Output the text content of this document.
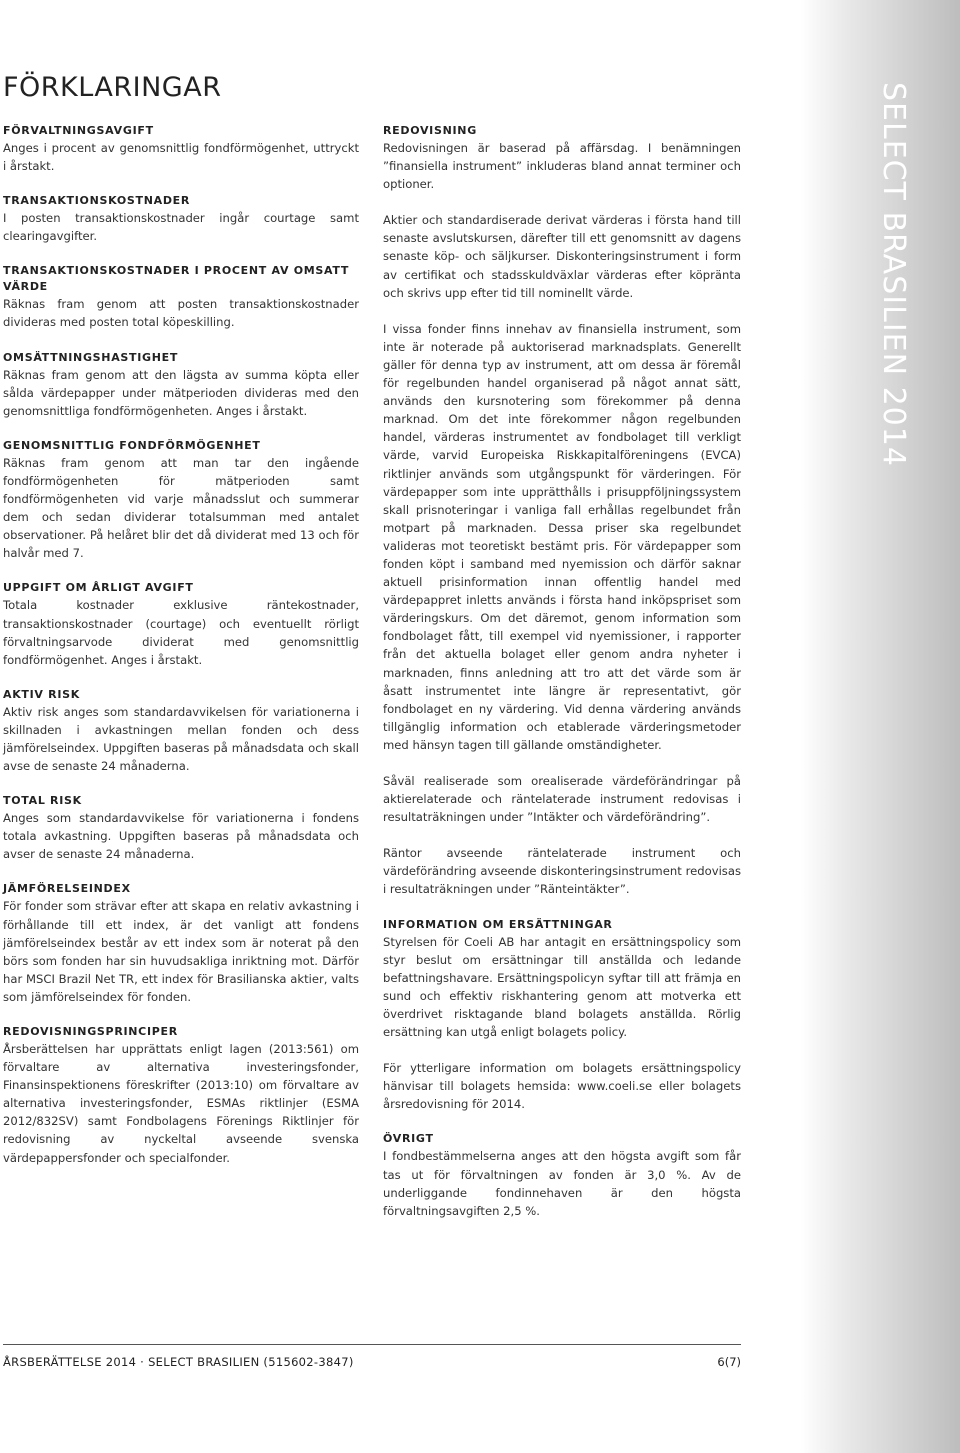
FÖRKLARINGAR
FÖRVALTNINGSAVGIFT

Anges i procent av genomsnittlig fondförmögenhet, uttryckt i årstakt.

TRANSAKTIONSKOSTNADER

I posten transaktionskostnader ingår courtage samt clearingavgifter.

TRANSAKTIONSKOSTNADER I PROCENT AV OMSATT VÄRDE

Räknas fram genom att posten transaktionskostnader divideras med posten total köpeskilling.

OMSÄTTNINGSHASTIGHET

Räknas fram genom att den lägsta av summa köpta eller sålda värdepapper under mätperioden divideras med den genomsnittliga fondförmögenheten. Anges i årstakt.

GENOMSNITTLIG FONDFÖRMÖGENHET

Räknas fram genom att man tar den ingående fondförmögenheten för mätperioden samt fondförmögenheten vid varje månadsslut och summerar dem och sedan dividerar totalsumman med antalet observationer. På helåret blir det då dividerat med 13 och för halvår med 7.

UPPGIFT OM ÅRLIGT AVGIFT

Totala kostnader exklusive räntekostnader, transaktionskostnader (courtage) och eventuellt rörligt förvaltningsarvode dividerat med genomsnittlig fondförmögenhet. Anges i årstakt.

AKTIV RISK

Aktiv risk anges som standardavvikelsen för variationerna i skillnaden i avkastningen mellan fonden och dess jämförelseindex. Uppgiften baseras på månadsdata och skall avse de senaste 24 månaderna.

TOTAL RISK

Anges som standardavvikelse för variationerna i fondens totala avkastning. Uppgiften baseras på månadsdata och avser de senaste 24 månaderna.

JÄMFÖRELSEINDEX

För fonder som strävar efter att skapa en relativ avkastning i förhållande till ett index, är det vanligt att fondens jämförelseindex består av ett index som är noterat på den börs som fonden har sin huvudsakliga inriktning mot. Därför har MSCI Brazil Net TR, ett index för Brasilianska aktier, valts som jämförelseindex för fonden.

REDOVISNINGSPRINCIPER

Årsberättelsen har upprättats enligt lagen (2013:561) om förvaltare av alternativa investeringsfonder, Finansinspektionens föreskrifter (2013:10) om förvaltare av alternativa investeringsfonder, ESMAs riktlinjer (ESMA 2012/832SV) samt Fondbolagens Förenings Riktlinjer för redovisning av nyckeltal avseende svenska värdepappersfonder och specialfonder.

REDOVISNING

Redovisningen är baserad på affärsdag. I benämningen ”finansiella instrument” inkluderas bland annat terminer och optioner.

Aktier och standardiserade derivat värderas i första hand till senaste avslutskursen, därefter till ett genomsnitt av dagens senaste köp- och säljkurser. Diskonteringsinstrument i form av certifikat och stadsskuldväxlar värderas efter köpränta och skrivs upp efter tid till nominellt värde.

I vissa fonder finns innehav av finansiella instrument, som inte är noterade på auktoriserad marknadsplats. Generellt gäller för denna typ av instrument, att om dessa är föremål för regelbunden handel organiserad på något annat sätt, används den kursnotering som förekommer på denna marknad. Om det inte förekommer någon regelbunden handel, värderas instrumentet av fondbolaget till verkligt värde, varvid Europeiska Riskkapitalföreningens (EVCA) riktlinjer används som utgångspunkt för värderingen. För värdepapper som inte upprätthålls i prisuppföljningssystem skall prisnoteringar i vanliga fall erhållas regelbundet från motpart på marknaden. Dessa priser ska regelbundet valideras mot teoretiskt bestämt pris. För värdepapper som fonden köpt i samband med nyemission och därför saknar aktuell prisinformation innan offentlig handel med värdepappret inletts används i första hand inköpspriset som värderingskurs. Om det däremot, genom information som fondbolaget fått, till exempel vid nyemissioner, i rapporter från det aktuella bolaget eller genom andra nyheter i marknaden, finns anledning att tro att det värde som är åsatt instrumentet inte längre är representativt, gör fondbolaget en ny värdering. Vid denna värdering används tillgänglig information och etablerade värderingsmetoder med hänsyn tagen till gällande omständigheter.

Såväl realiserade som orealiserade värdeförändringar på aktierelaterade och räntelaterade instrument redovisas i resultaträkningen under ”Intäkter och värdeförändring”.

Räntor avseende räntelaterade instrument och värdeförändring avseende diskonteringsinstrument redovisas i resultaträkningen under ”Ränteintäkter”.

INFORMATION OM ERSÄTTNINGAR

Styrelsen för Coeli AB har antagit en ersättningspolicy som styr beslut om ersättningar till anställda och ledande befattningshavare. Ersättningspolicyn syftar till att främja en sund och effektiv riskhantering genom att motverka ett överdrivet risktagande bland bolagets anställda. Rörlig ersättning kan utgå enligt bolagets policy.

För ytterligare information om bolagets ersättningspolicy hänvisar till bolagets hemsida: www.coeli.se eller bolagets årsredovisning för 2014.

ÖVRIGT

I fondbestämmelserna anges att den högsta avgift som får tas ut för förvaltningen av fonden är 3,0 %. Av de underliggande fondinnehaven är den högsta förvaltningsavgiften 2,5 %.

SELECT BRASILIEN 2014
ÅRSBERÄTTELSE 2014 · SELECT BRASILIEN (515602-3847)	6(7)
